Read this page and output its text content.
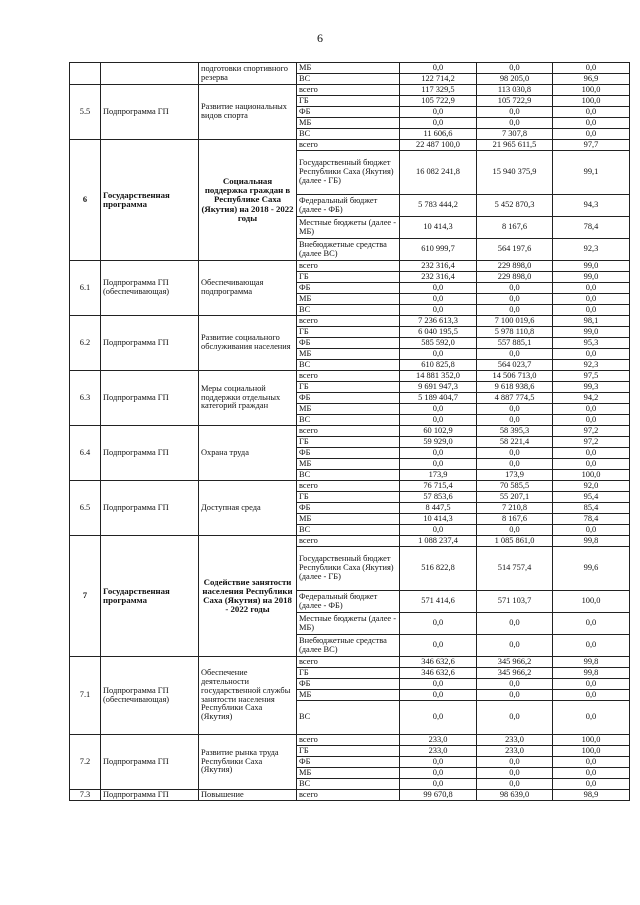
6
		подготовки спортивного резерва	МБ	0,0	0,0	0,0
			ВС	122 714,2	98 205,0	96,9
5.5	Подпрограмма ГП	Развитие национальных видов спорта	всего	117 329,5	113 030,8	100,0
			ГБ	105 722,9	105 722,9	100,0
			ФБ	0,0	0,0	0,0
			МБ	0,0	0,0	0,0
			ВС	11 606,6	7 307,8	0,0
6	Государственная программа	Социальная поддержка граждан в Республике Саха (Якутия) на 2018 - 2022 годы	всего	22 487 100,0	21 965 611,5	97,7
			Государственный бюджет Республики Саха (Якутия) (далее - ГБ)	16 082 241,8	15 940 375,9	99,1
			Федеральный бюджет (далее - ФБ)	5 783 444,2	5 452 870,3	94,3
			Местные бюджеты (далее - МБ)	10 414,3	8 167,6	78,4
			Внебюджетные средства (далее ВС)	610 999,7	564 197,6	92,3
6.1	Подпрограмма ГП (обеспечивающая)	Обеспечивающая подпрограмма	всего	232 316,4	229 898,0	99,0
			ГБ	232 316,4	229 898,0	99,0
			ФБ	0,0	0,0	0,0
			МБ	0,0	0,0	0,0
			ВС	0,0	0,0	0,0
6.2	Подпрограмма ГП	Развитие социального обслуживания населения	всего	7 236 613,3	7 100 019,6	98,1
			ГБ	6 040 195,5	5 978 110,8	99,0
			ФБ	585 592,0	557 885,1	95,3
			МБ	0,0	0,0	0,0
			ВС	610 825,8	564 023,7	92,3
6.3	Подпрограмма ГП	Меры социальной поддержки отдельных категорий граждан	всего	14 881 352,0	14 506 713,0	97,5
			ГБ	9 691 947,3	9 618 938,6	99,3
			ФБ	5 189 404,7	4 887 774,5	94,2
			МБ	0,0	0,0	0,0
			ВС	0,0	0,0	0,0
6.4	Подпрограмма ГП	Охрана труда	всего	60 102,9	58 395,3	97,2
			ГБ	59 929,0	58 221,4	97,2
			ФБ	0,0	0,0	0,0
			МБ	0,0	0,0	0,0
			ВС	173,9	173,9	100,0
6.5	Подпрограмма ГП	Доступная среда	всего	76 715,4	70 585,5	92,0
			ГБ	57 853,6	55 207,1	95,4
			ФБ	8 447,5	7 210,8	85,4
			МБ	10 414,3	8 167,6	78,4
			ВС	0,0	0,0	0,0
7	Государственная программа	Содействие занятости населения Республики Саха (Якутия) на 2018 - 2022 годы	всего	1 088 237,4	1 085 861,0	99,8
			Государственный бюджет Республики Саха (Якутия) (далее - ГБ)	516 822,8	514 757,4	99,6
			Федеральный бюджет (далее - ФБ)	571 414,6	571 103,7	100,0
			Местные бюджеты (далее - МБ)	0,0	0,0	0,0
			Внебюджетные средства (далее ВС)	0,0	0,0	0,0
7.1	Подпрограмма ГП (обеспечивающая)	Обеспечение деятельности государственной службы занятости населения Республики Саха (Якутия)	всего	346 632,6	345 966,2	99,8
			ГБ	346 632,6	345 966,2	99,8
			ФБ	0,0	0,0	0,0
			МБ	0,0	0,0	0,0
			ВС	0,0	0,0	0,0
7.2	Подпрограмма ГП	Развитие рынка труда Республики Саха (Якутия)	всего	233,0	233,0	100,0
			ГБ	233,0	233,0	100,0
			ФБ	0,0	0,0	0,0
			МБ	0,0	0,0	0,0
			ВС	0,0	0,0	0,0
7.3	Подпрограмма ГП	Повышение	всего	99 670,8	98 639,0	98,9
